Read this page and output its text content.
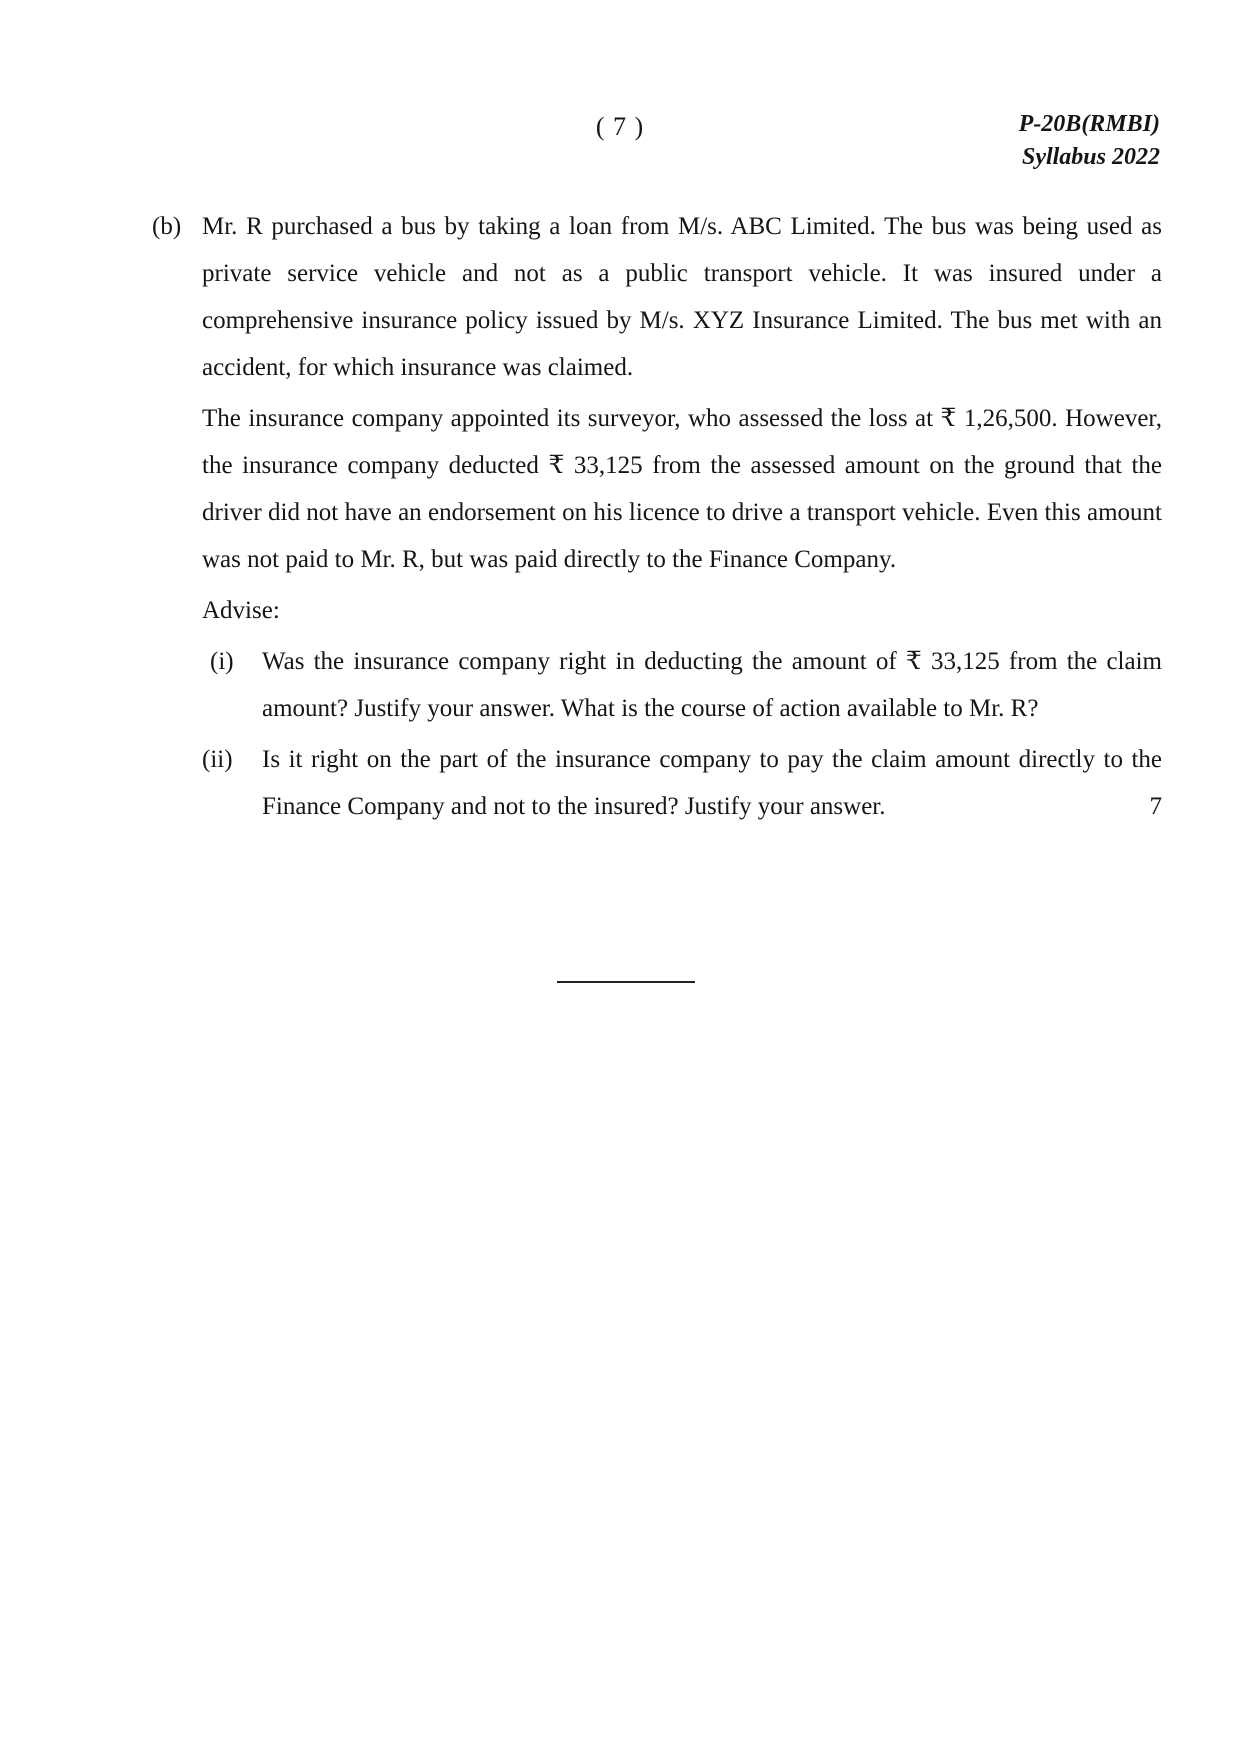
( 7 )	P-20B(RMBI)
Syllabus 2022
(b) Mr. R purchased a bus by taking a loan from M/s. ABC Limited. The bus was being used as private service vehicle and not as a public transport vehicle. It was insured under a comprehensive insurance policy issued by M/s. XYZ Insurance Limited. The bus met with an accident, for which insurance was claimed.

The insurance company appointed its surveyor, who assessed the loss at ₹ 1,26,500. However, the insurance company deducted ₹ 33,125 from the assessed amount on the ground that the driver did not have an endorsement on his licence to drive a transport vehicle. Even this amount was not paid to Mr. R, but was paid directly to the Finance Company.

Advise:

(i) Was the insurance company right in deducting the amount of ₹ 33,125 from the claim amount? Justify your answer. What is the course of action available to Mr. R?
(ii) Is it right on the part of the insurance company to pay the claim amount directly to the Finance Company and not to the insured? Justify your answer.	7
